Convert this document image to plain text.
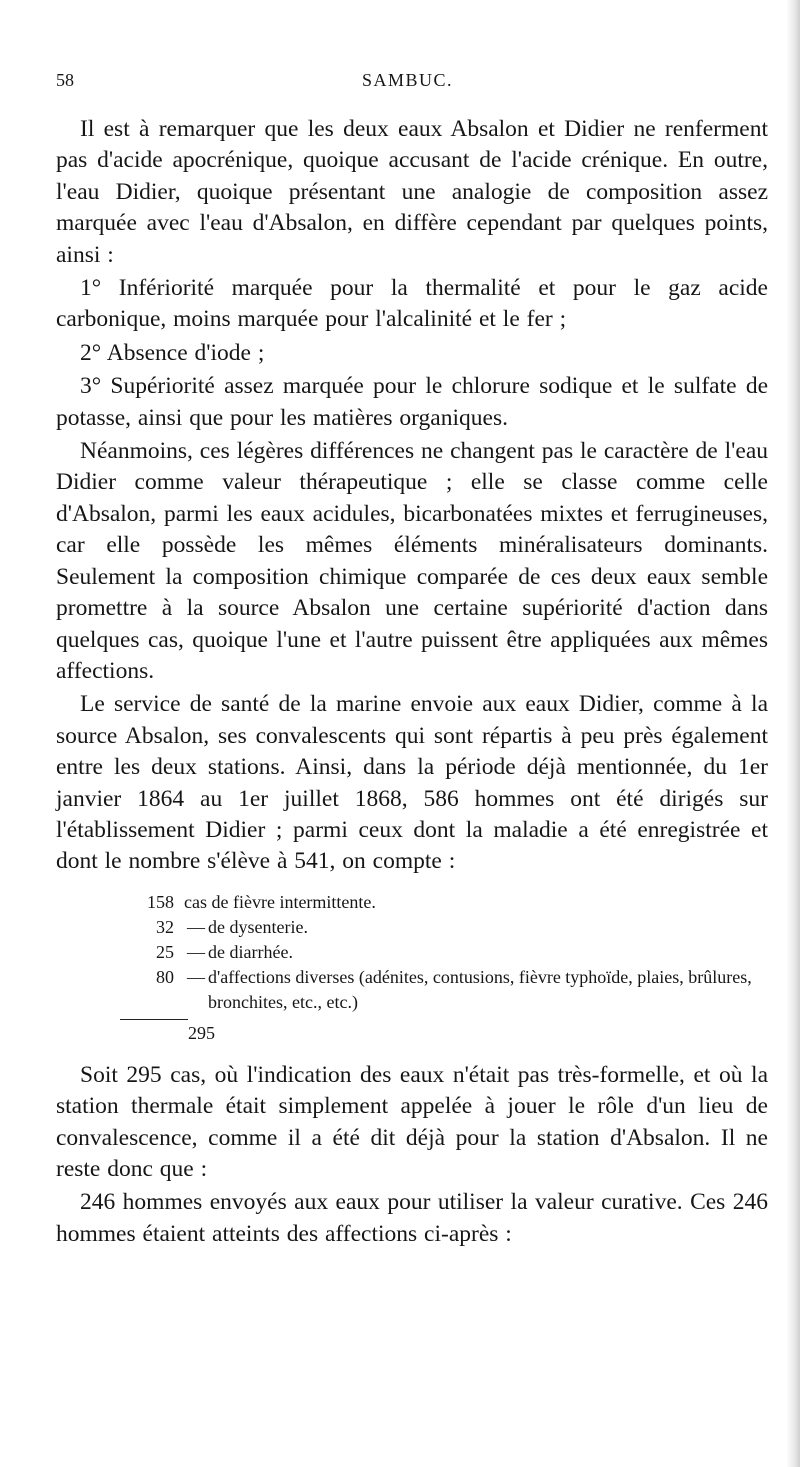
58	SAMBUC.

Il est à remarquer que les deux eaux Absalon et Didier ne renferment pas d'acide apocrénique, quoique accusant de l'acide crénique. En outre, l'eau Didier, quoique présentant une analogie de composition assez marquée avec l'eau d'Absalon, en diffère cependant par quelques points, ainsi :

1° Infériorité marquée pour la thermalité et pour le gaz acide carbonique, moins marquée pour l'alcalinité et le fer ;

2° Absence d'iode ;

3° Supériorité assez marquée pour le chlorure sodique et le sulfate de potasse, ainsi que pour les matières organiques.

Néanmoins, ces légères différences ne changent pas le caractère de l'eau Didier comme valeur thérapeutique ; elle se classe comme celle d'Absalon, parmi les eaux acidules, bicarbonatées mixtes et ferrugineuses, car elle possède les mêmes éléments minéralisateurs dominants. Seulement la composition chimique comparée de ces deux eaux semble promettre à la source Absalon une certaine supériorité d'action dans quelques cas, quoique l'une et l'autre puissent être appliquées aux mêmes affections.

Le service de santé de la marine envoie aux eaux Didier, comme à la source Absalon, ses convalescents qui sont répartis à peu près également entre les deux stations. Ainsi, dans la période déjà mentionnée, du 1er janvier 1864 au 1er juillet 1868, 586 hommes ont été dirigés sur l'établissement Didier ; parmi ceux dont la maladie a été enregistrée et dont le nombre s'élève à 541, on compte :

158 cas de fièvre intermittente.
32 — de dysenterie.
25 — de diarrhée.
80 — d'affections diverses (adénites, contusions, fièvre typhoïde, plaies, brûlures, bronchites, etc., etc.)
295

Soit 295 cas, où l'indication des eaux n'était pas très-formelle, et où la station thermale était simplement appelée à jouer le rôle d'un lieu de convalescence, comme il a été dit déjà pour la station d'Absalon. Il ne reste donc que :

246 hommes envoyés aux eaux pour utiliser la valeur curative. Ces 246 hommes étaient atteints des affections ci-après :
